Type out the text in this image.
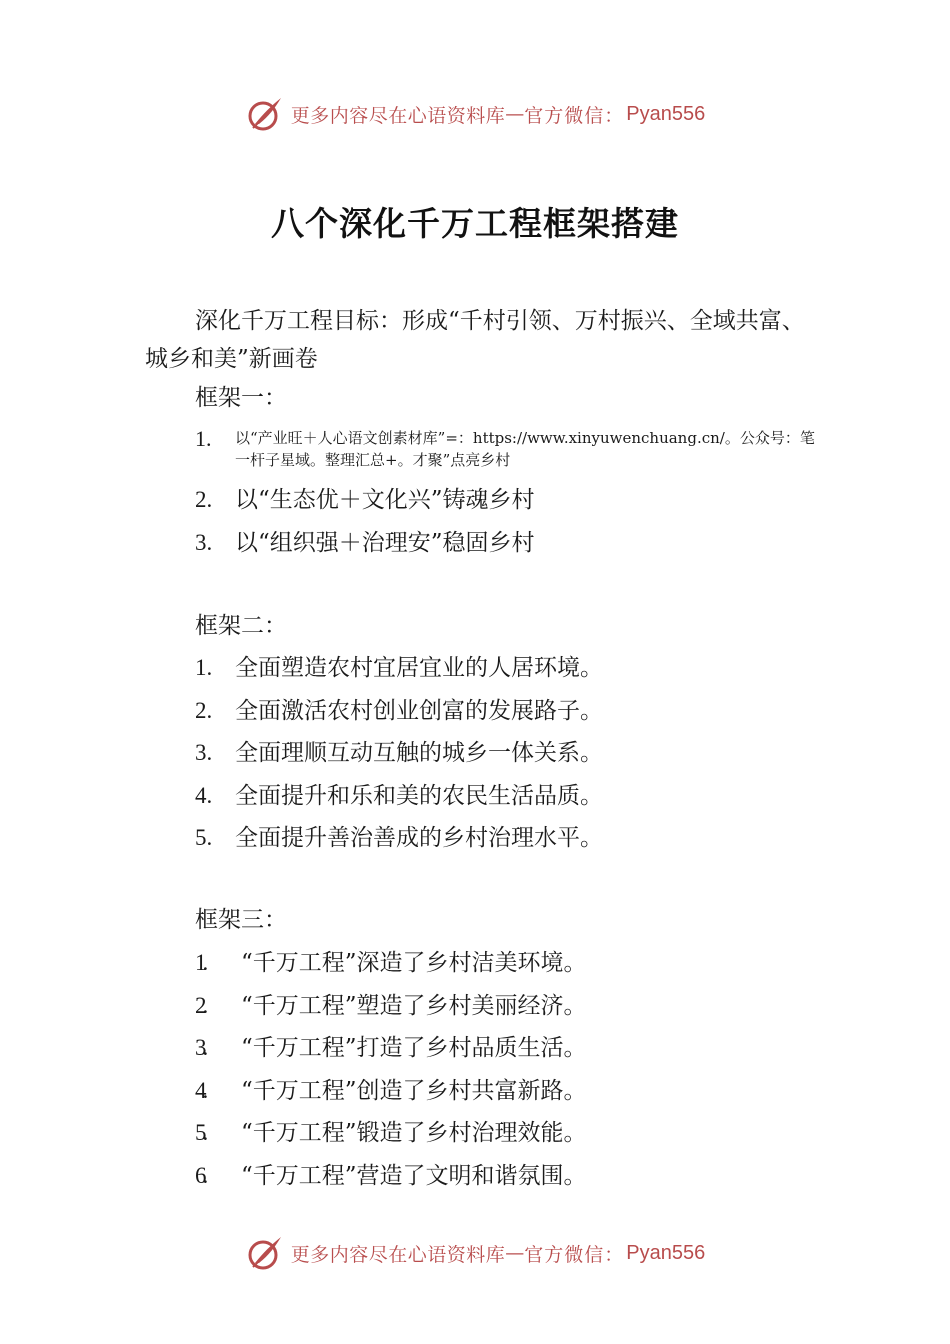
更多内容尽在心语资料库 — 官方微信： Pyan556
八个深化千万工程框架搭建
深化千万工程目标：形成“千村引领、万村振兴、全域共富、城乡和美”新画卷
框架一：
1.	以“产业旺＋人心语文创素材库”=：https://www.xinyuwenchuang.cn/。公众号：笔一杆子星域。整理汇总+。才聚”点亮乡村
2. 以“生态优＋文化兴”铸魂乡村
3. 以“组织强＋治理安”稳固乡村
框架二：
1. 全面塑造农村宜居宜业的人居环境。
2. 全面激活农村创业创富的发展路子。
3. 全面理顺互动互触的城乡一体关系。
4. 全面提升和乐和美的农民生活品质。
5. 全面提升善治善成的乡村治理水平。
框架三：
1.	“千万工程”深造了乡村洁美环境。
2.	“千万工程”塑造了乡村美丽经济。
3.	“千万工程”打造了乡村品质生活。
4.	“千万工程”创造了乡村共富新路。
5.	“千万工程”锻造了乡村治理效能。
6.	“千万工程”营造了文明和谐氛围。
更多内容尽在心语资料库 — 官方微信： Pyan556
